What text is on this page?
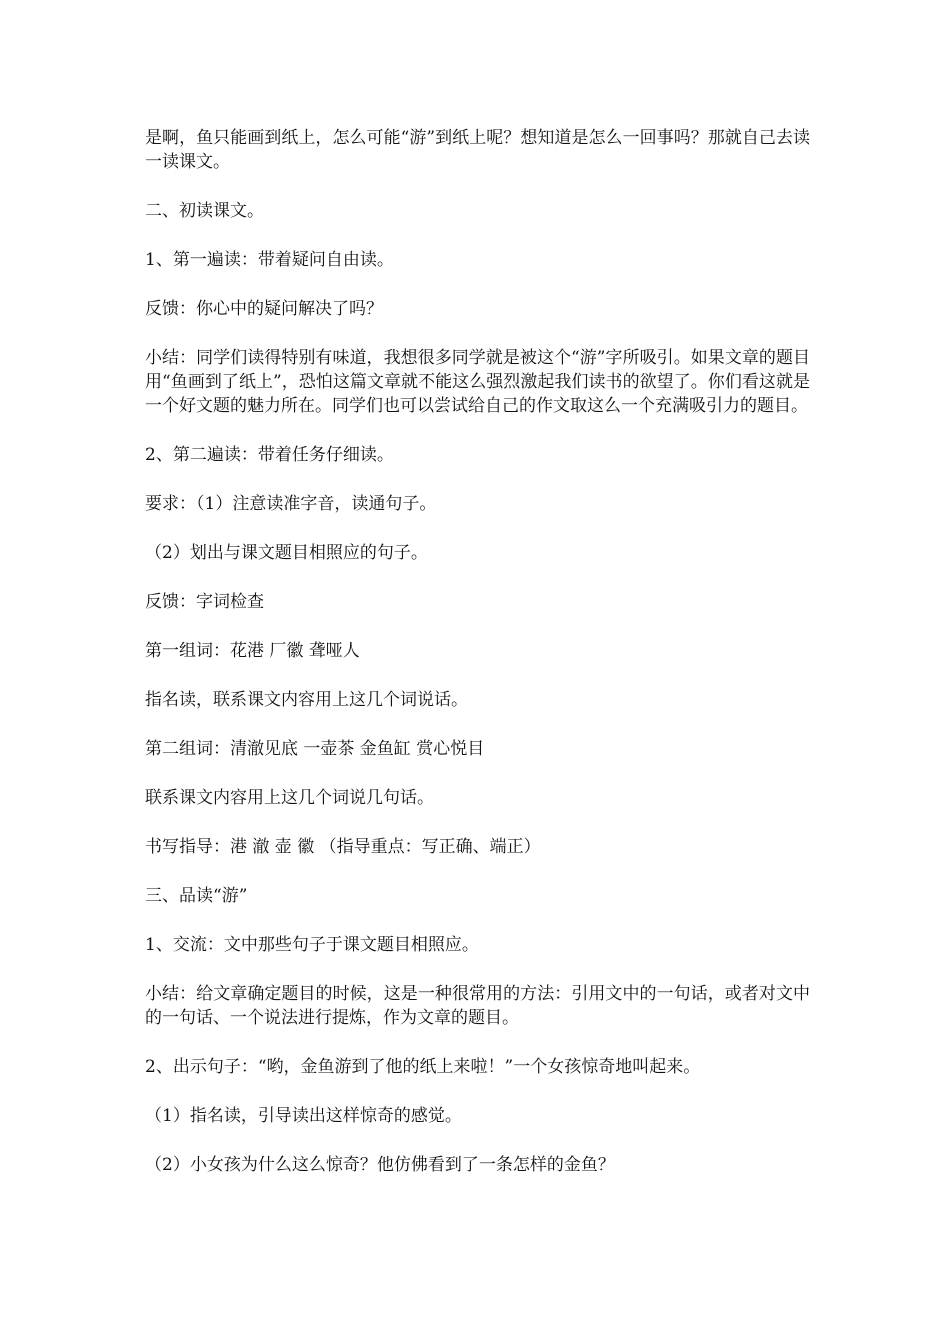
是啊，鱼只能画到纸上，怎么可能“游”到纸上呢？想知道是怎么一回事吗？那就自己去读一读课文。

二、初读课文。

1、第一遍读：带着疑问自由读。

反馈：你心中的疑问解决了吗？

小结：同学们读得特别有味道，我想很多同学就是被这个“游”字所吸引。如果文章的题目用“鱼画到了纸上”，恐怕这篇文章就不能这么强烈激起我们读书的欲望了。你们看这就是一个好文题的魅力所在。同学们也可以尝试给自己的作文取这么一个充满吸引力的题目。

2、第二遍读：带着任务仔细读。

要求：（1）注意读准字音，读通句子。

（2）划出与课文题目相照应的句子。

反馈：字词检查

第一组词：花港 厂徽 聋哑人

指名读，联系课文内容用上这几个词说话。

第二组词：清澈见底 一壶茶 金鱼缸 赏心悦目

联系课文内容用上这几个词说几句话。

书写指导：港 澈 壶 徽 （指导重点：写正确、端正）

三、品读“游”

1、交流：文中那些句子于课文题目相照应。

小结：给文章确定题目的时候，这是一种很常用的方法：引用文中的一句话，或者对文中的一句话、一个说法进行提炼，作为文章的题目。

2、出示句子：“哟，金鱼游到了他的纸上来啦！”一个女孩惊奇地叫起来。

（1）指名读，引导读出这样惊奇的感觉。

（2）小女孩为什么这么惊奇？他仿佛看到了一条怎样的金鱼？
